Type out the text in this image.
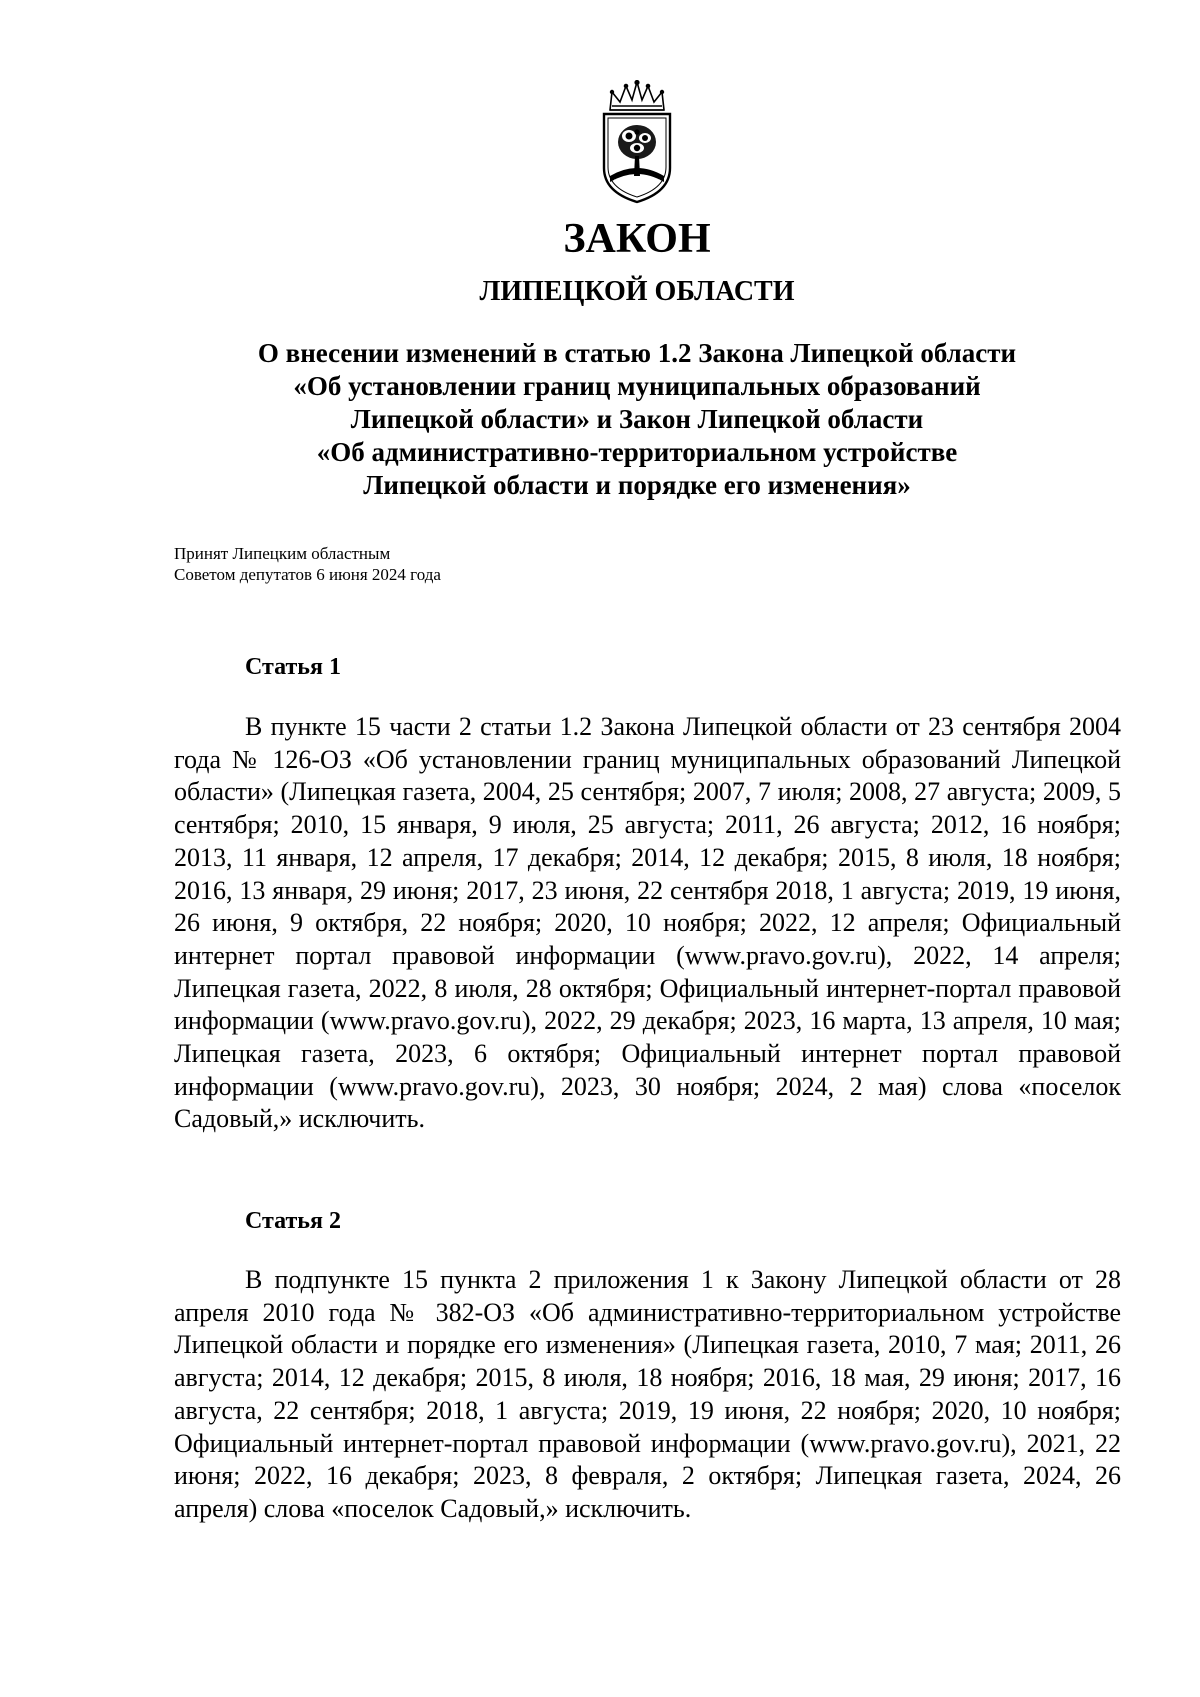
ЗАКОН
ЛИПЕЦКОЙ ОБЛАСТИ
О внесении изменений в статью 1.2 Закона Липецкой области
«Об установлении границ муниципальных образований
Липецкой области» и Закон Липецкой области
«Об административно-территориальном устройстве
Липецкой области и порядке его изменения»
Принят Липецким областным
Советом депутатов 6 июня 2024 года
Статья 1

В пункте 15 части 2 статьи 1.2 Закона Липецкой области от 23 сентября 2004 года № 126-ОЗ «Об установлении границ муниципальных образований Липецкой области» (Липецкая газета, 2004, 25 сентября; 2007, 7 июля; 2008, 27 августа; 2009, 5 сентября; 2010, 15 января, 9 июля, 25 августа; 2011, 26 августа; 2012, 16 ноября; 2013, 11 января, 12 апреля, 17 декабря; 2014, 12 декабря; 2015, 8 июля, 18 ноября; 2016, 13 января, 29 июня; 2017, 23 июня, 22 сентября 2018, 1 августа; 2019, 19 июня, 26 июня, 9 октября, 22 ноября; 2020, 10 ноября; 2022, 12 апреля; Официальный интернет портал правовой информации (www.pravo.gov.ru), 2022, 14 апреля; Липецкая газета, 2022, 8 июля, 28 октября; Официальный интернет-портал правовой информации (www.pravo.gov.ru), 2022, 29 декабря; 2023, 16 марта, 13 апреля, 10 мая; Липецкая газета, 2023, 6 октября; Официальный интернет портал правовой информации (www.pravo.gov.ru), 2023, 30 ноября; 2024, 2 мая) слова «поселок Садовый,» исключить.

Статья 2

В подпункте 15 пункта 2 приложения 1 к Закону Липецкой области от 28 апреля 2010 года № 382-ОЗ «Об административно-территориальном устройстве Липецкой области и порядке его изменения» (Липецкая газета, 2010, 7 мая; 2011, 26 августа; 2014, 12 декабря; 2015, 8 июля, 18 ноября; 2016, 18 мая, 29 июня; 2017, 16 августа, 22 сентября; 2018, 1 августа; 2019, 19 июня, 22 ноября; 2020, 10 ноября; Официальный интернет-портал правовой информации (www.pravo.gov.ru), 2021, 22 июня; 2022, 16 декабря; 2023, 8 февраля, 2 октября; Липецкая газета, 2024, 26 апреля) слова «поселок Садовый,» исключить.
